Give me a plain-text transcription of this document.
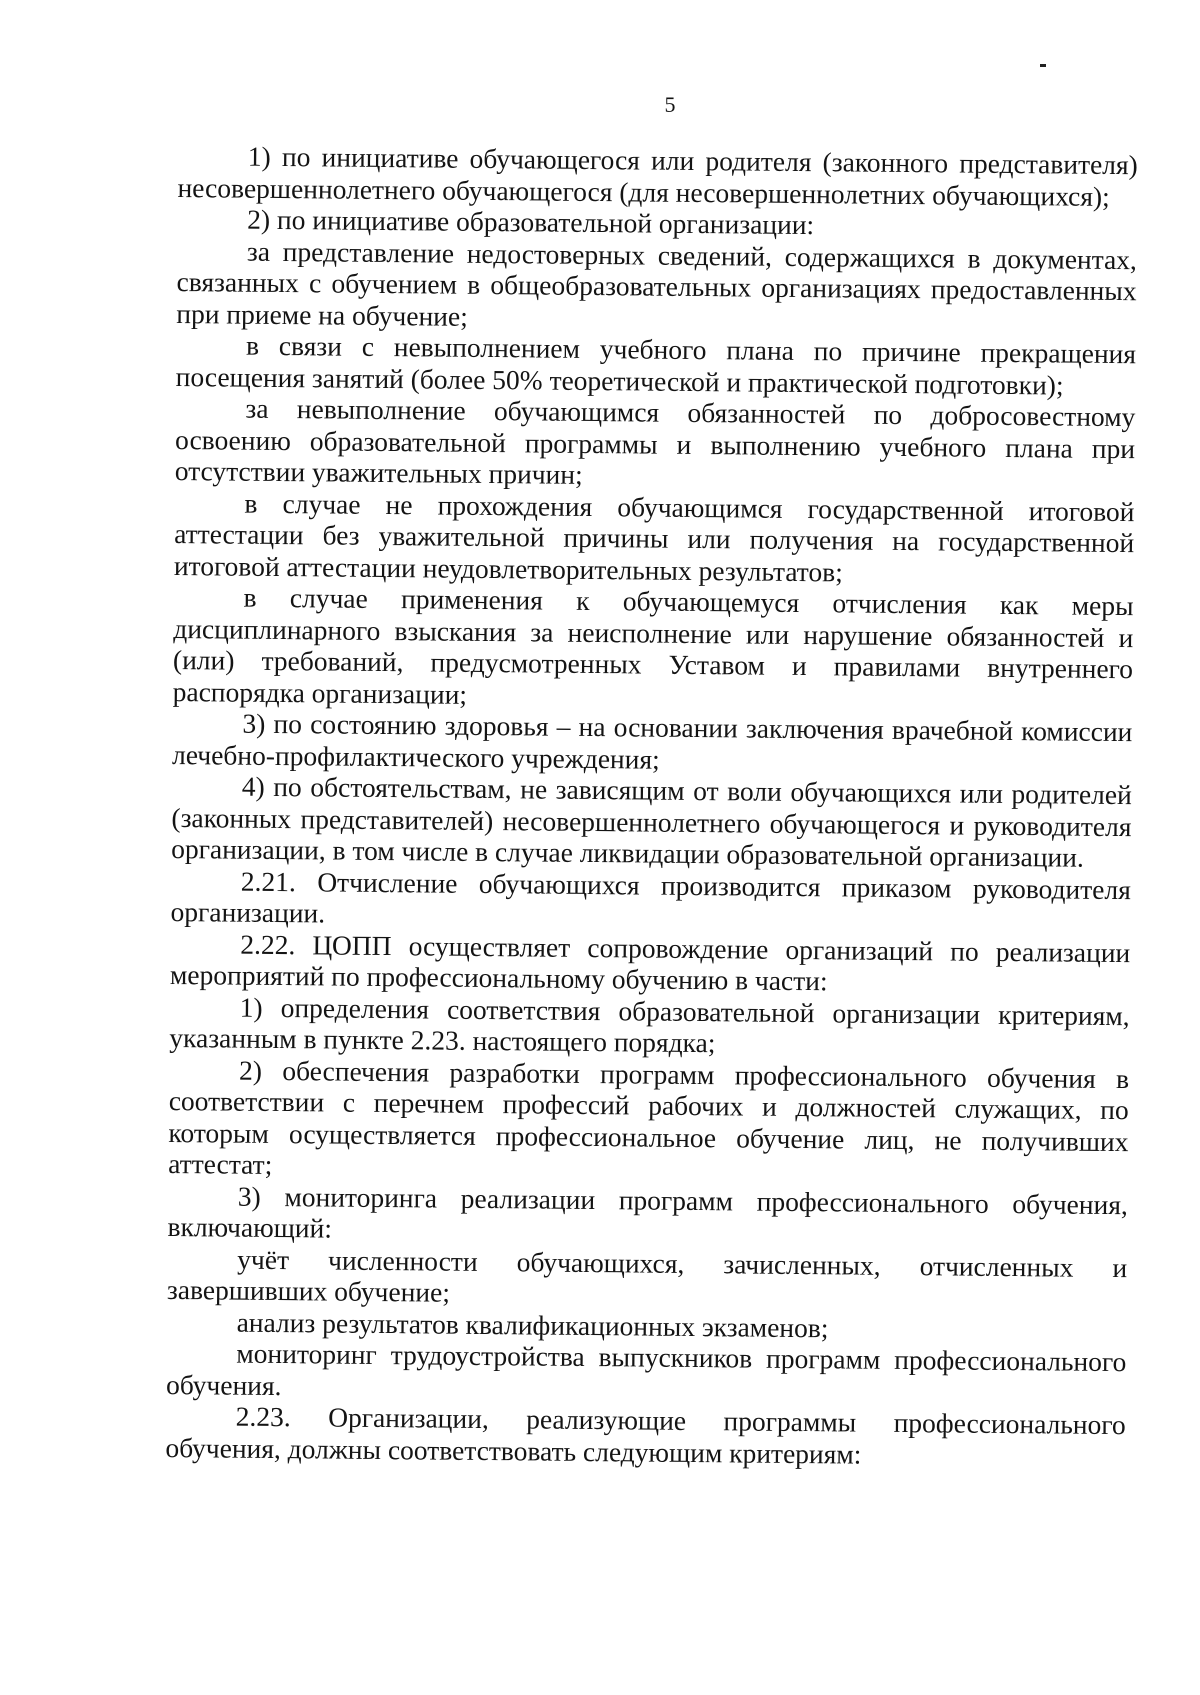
5

1) по инициативе обучающегося или родителя (законного представителя) несовершеннолетнего обучающегося (для несовершеннолетних обучающихся);

2) по инициативе образовательной организации:

за представление недостоверных сведений, содержащихся в документах, связанных с обучением в общеобразовательных организациях предоставленных при приеме на обучение;

в связи с невыполнением учебного плана по причине прекращения посещения занятий (более 50% теоретической и практической подготовки);

за невыполнение обучающимся обязанностей по добросовестному освоению образовательной программы и выполнению учебного плана при отсутствии уважительных причин;

в случае не прохождения обучающимся государственной итоговой аттестации без уважительной причины или получения на государственной итоговой аттестации неудовлетворительных результатов;

в случае применения к обучающемуся отчисления как меры дисциплинарного взыскания за неисполнение или нарушение обязанностей и (или) требований, предусмотренных Уставом и правилами внутреннего распорядка организации;

3) по состоянию здоровья – на основании заключения врачебной комиссии лечебно-профилактического учреждения;

4) по обстоятельствам, не зависящим от воли обучающихся или родителей (законных представителей) несовершеннолетнего обучающегося и руководителя организации, в том числе в случае ликвидации образовательной организации.

2.21. Отчисление обучающихся производится приказом руководителя организации.

2.22. ЦОПП осуществляет сопровождение организаций по реализации мероприятий по профессиональному обучению в части:

1) определения соответствия образовательной организации критериям, указанным в пункте 2.23. настоящего порядка;

2) обеспечения разработки программ профессионального обучения в соответствии с перечнем профессий рабочих и должностей служащих, по которым осуществляется профессиональное обучение лиц, не получивших аттестат;

3) мониторинга реализации программ профессионального обучения, включающий:

учёт численности обучающихся, зачисленных, отчисленных и завершивших обучение;

анализ результатов квалификационных экзаменов;

мониторинг трудоустройства выпускников программ профессионального обучения.

2.23. Организации, реализующие программы профессионального обучения, должны соответствовать следующим критериям:
